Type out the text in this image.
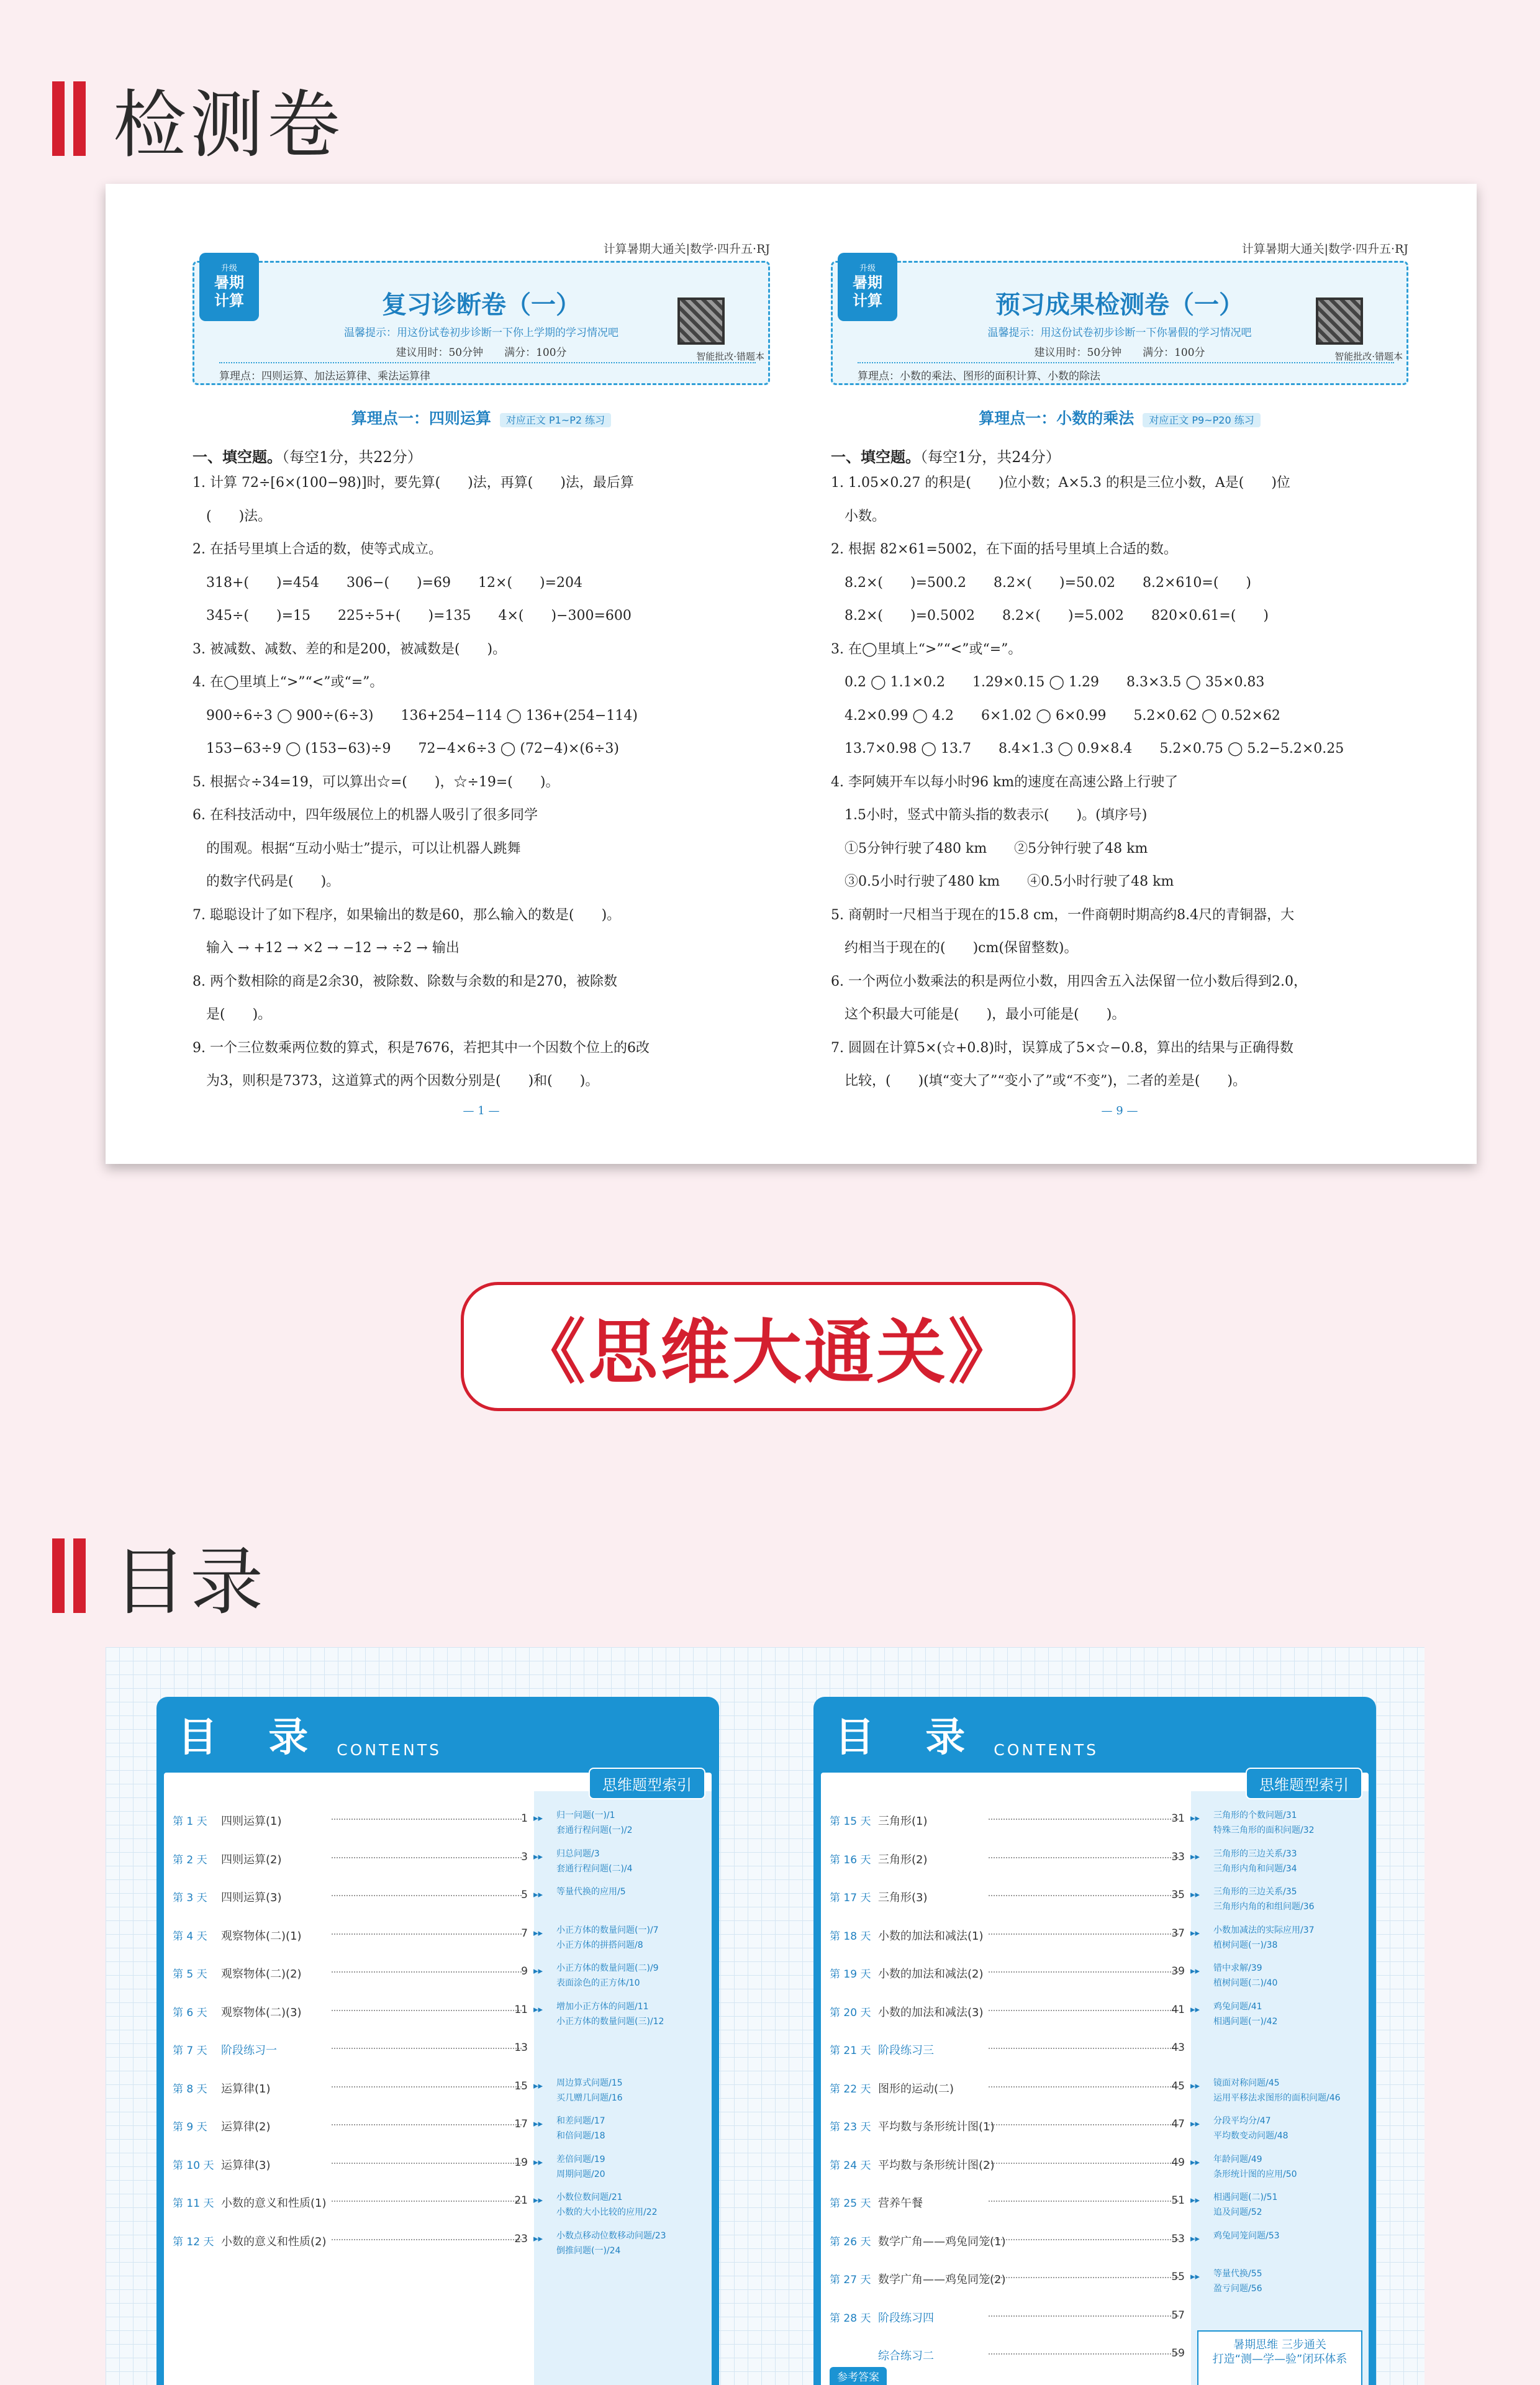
检测卷
计算暑期大通关|数学·四升五·RJ
升级
暑期
计算	复习诊断卷（一）
温馨提示：用这份试卷初步诊断一下你上学期的学习情况吧
建议用时：50分钟　　满分：100分
算理点：四则运算、加法运算律、乘法运算律
智能批改·错题本
算理点一：四则运算 对应正文 P1~P2 练习
一、填空题。（每空1分，共22分）
1. 计算 72÷[6×(100−98)]时，要先算(　　)法，再算(　　)法，最后算
　(　　)法。
2. 在括号里填上合适的数，使等式成立。
　318+(　　)=454　　306−(　　)=69　　12×(　　)=204
　345÷(　　)=15　　225÷5+(　　)=135　　4×(　　)−300=600
3. 被减数、减数、差的和是200，被减数是(　　)。
4. 在◯里填上“>”“<”或“=”。
　900÷6÷3 ◯ 900÷(6÷3)　　136+254−114 ◯ 136+(254−114)
　153−63÷9 ◯ (153−63)÷9　　72−4×6÷3 ◯ (72−4)×(6÷3)
5. 根据☆÷34=19，可以算出☆=(　　)，☆÷19=(　　)。
6. 在科技活动中，四年级展位上的机器人吸引了很多同学
　的围观。根据“互动小贴士”提示，可以让机器人跳舞
　的数字代码是(　　)。
7. 聪聪设计了如下程序，如果输出的数是60，那么输入的数是(　　)。
　输入 → +12 → ×2 → −12 → ÷2 → 输出
8. 两个数相除的商是2余30，被除数、除数与余数的和是270，被除数
　是(　　)。
9. 一个三位数乘两位数的算式，积是7676，若把其中一个因数个位上的6改
　为3，则积是7373，这道算式的两个因数分别是(　　)和(　　)。
— 1 —
计算暑期大通关|数学·四升五·RJ
升级
暑期
计算	预习成果检测卷（一）
温馨提示：用这份试卷初步诊断一下你暑假的学习情况吧
建议用时：50分钟　　满分：100分
算理点：小数的乘法、图形的面积计算、小数的除法
智能批改·错题本
算理点一：小数的乘法 对应正文 P9~P20 练习
一、填空题。（每空1分，共24分）
1. 1.05×0.27 的积是(　　)位小数；A×5.3 的积是三位小数，A是(　　)位
　小数。
2. 根据 82×61=5002，在下面的括号里填上合适的数。
　8.2×(　　)=500.2　　8.2×(　　)=50.02　　8.2×610=(　　)
　8.2×(　　)=0.5002　　8.2×(　　)=5.002　　820×0.61=(　　)
3. 在◯里填上“>”“<”或“=”。
　0.2 ◯ 1.1×0.2　　1.29×0.15 ◯ 1.29　　8.3×3.5 ◯ 35×0.83
　4.2×0.99 ◯ 4.2　　6×1.02 ◯ 6×0.99　　5.2×0.62 ◯ 0.52×62
　13.7×0.98 ◯ 13.7　　8.4×1.3 ◯ 0.9×8.4　　5.2×0.75 ◯ 5.2−5.2×0.25
4. 李阿姨开车以每小时96 km的速度在高速公路上行驶了
　1.5小时，竖式中箭头指的数表示(　　)。(填序号)
　①5分钟行驶了480 km　　②5分钟行驶了48 km
　③0.5小时行驶了480 km　　④0.5小时行驶了48 km
5. 商朝时一尺相当于现在的15.8 cm，一件商朝时期高约8.4尺的青铜器，大
　约相当于现在的(　　)cm(保留整数)。
6. 一个两位小数乘法的积是两位小数，用四舍五入法保留一位小数后得到2.0，
　这个积最大可能是(　　)，最小可能是(　　)。
7. 圆圆在计算5×(☆+0.8)时，误算成了5×☆−0.8，算出的结果与正确得数
　比较，(　　)(填“变大了”“变小了”或“不变”)，二者的差是(　　)。
— 9 —
《思维大通关》
目录
目 录 CONTENTS
思维题型索引
第 1 天 四则运算(1)	1	归一问题(一)/1
套通行程问题(一)/2
▸▸
第 2 天 四则运算(2)	3	归总问题/3
套通行程问题(二)/4
▸▸
第 3 天 四则运算(3)	5	等量代换的应用/5
▸▸
第 4 天 观察物体(二)(1)	7	小正方体的数量问题(一)/7
小正方体的拼搭问题/8
▸▸
第 5 天 观察物体(二)(2)	9	小正方体的数量问题(二)/9
表面涂色的正方体/10
▸▸
第 6 天 观察物体(二)(3)	11	增加小正方体的问题/11
小正方体的数量问题(三)/12
▸▸
第 7 天 阶段练习一	13
第 8 天 运算律(1)	15	周边算式问题/15
买几赠几问题/16
▸▸
第 9 天 运算律(2)	17	和差问题/17
和倍问题/18
▸▸
第 10 天 运算律(3)	19	差倍问题/19
周期问题/20
▸▸
第 11 天 小数的意义和性质(1)	21	小数位数问题/21
小数的大小比较的应用/22
▸▸
第 12 天 小数的意义和性质(2)	23	小数点移动位数移动问题/23
倒推问题(一)/24
▸▸
目 录 CONTENTS
思维题型索引
第 15 天 三角形(1)	31	三角形的个数问题/31
特殊三角形的面积问题/32
▸▸
第 16 天 三角形(2)	33	三角形的三边关系/33
三角形内角和问题/34
▸▸
第 17 天 三角形(3)	35	三角形的三边关系/35
三角形内角的和组问题/36
▸▸
第 18 天 小数的加法和减法(1)	37	小数加减法的实际应用/37
植树问题(一)/38
▸▸
第 19 天 小数的加法和减法(2)	39	错中求解/39
植树问题(二)/40
▸▸
第 20 天 小数的加法和减法(3)	41	鸡兔问题/41
相遇问题(一)/42
▸▸
第 21 天 阶段练习三	43
第 22 天 图形的运动(二)	45	镜面对称问题/45
运用平移法求图形的面积问题/46
▸▸
第 23 天 平均数与条形统计图(1)	47	分段平均分/47
平均数变动问题/48
▸▸
第 24 天 平均数与条形统计图(2)	49	年龄问题/49
条形统计图的应用/50
▸▸
第 25 天 营养午餐	51	相遇问题(二)/51
追及问题/52
▸▸
第 26 天 数学广角——鸡兔同笼(1)	53	鸡兔同笼问题/53
▸▸
第 27 天 数学广角——鸡兔同笼(2)	55	等量代换/55
盈亏问题/56
▸▸
第 28 天 阶段练习四	57
综合练习二	59
暑期思维 三步通关
打造“测—学—验”闭环体系
参考答案
